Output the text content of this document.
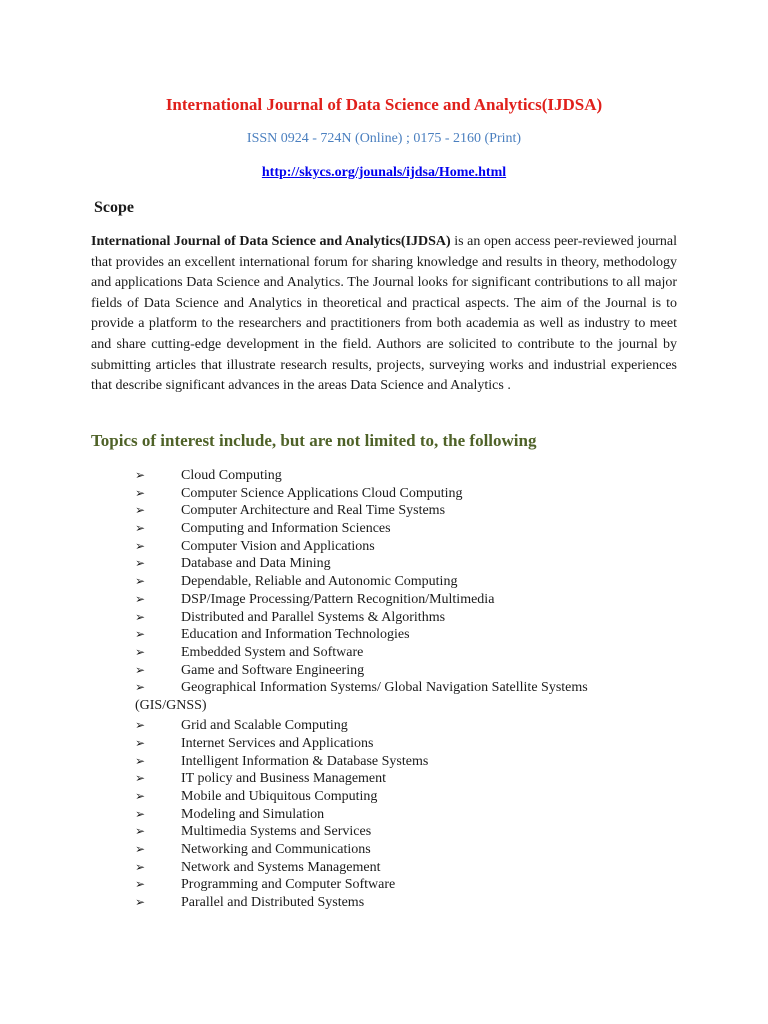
International Journal of Data Science and Analytics(IJDSA)

ISSN 0924 - 724N (Online) ; 0175 - 2160 (Print)

http://skycs.org/jounals/ijdsa/Home.html

Scope

International Journal of Data Science and Analytics(IJDSA) is an open access peer-reviewed journal that provides an excellent international forum for sharing knowledge and results in theory, methodology and applications Data Science and Analytics. The Journal looks for significant contributions to all major fields of Data Science and Analytics in theoretical and practical aspects. The aim of the Journal is to provide a platform to the researchers and practitioners from both academia as well as industry to meet and share cutting-edge development in the field. Authors are solicited to contribute to the journal by submitting articles that illustrate research results, projects, surveying works and industrial experiences that describe significant advances in the areas Data Science and Analytics .

Topics of interest include, but are not limited to, the following
➢	Cloud Computing
➢	Computer Science Applications Cloud Computing
➢	Computer Architecture and Real Time Systems
➢	Computing and Information Sciences
➢	Computer Vision and Applications
➢	Database and Data Mining
➢	Dependable, Reliable and Autonomic Computing
➢	DSP/Image Processing/Pattern Recognition/Multimedia
➢	Distributed and Parallel Systems & Algorithms
➢	Education and Information Technologies
➢	Embedded System and Software
➢	Game and Software Engineering
➢	Geographical Information Systems/ Global Navigation Satellite Systems
(GIS/GNSS)
➢	Grid and Scalable Computing
➢	Internet Services and Applications
➢	Intelligent Information & Database Systems
➢	IT policy and Business Management
➢	Mobile and Ubiquitous Computing
➢	Modeling and Simulation
➢	Multimedia Systems and Services
➢	Networking and Communications
➢	Network and Systems Management
➢	Programming and Computer Software
➢	Parallel and Distributed Systems
